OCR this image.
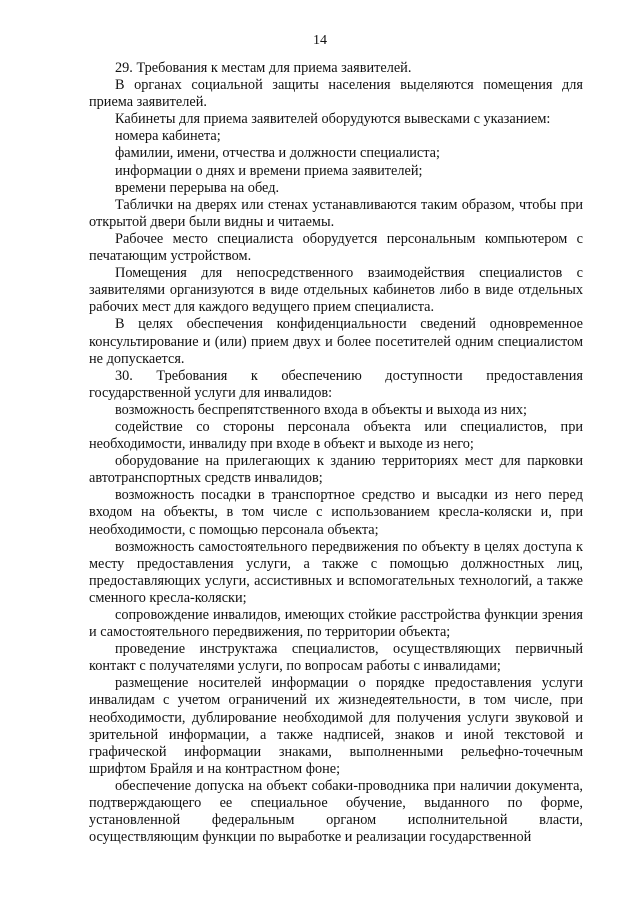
14

29. Требования к местам для приема заявителей.

В органах социальной защиты населения выделяются помещения для приема заявителей.

Кабинеты для приема заявителей оборудуются вывесками с указанием:

номера кабинета;

фамилии, имени, отчества и должности специалиста;

информации о днях и времени приема заявителей;

времени перерыва на обед.

Таблички на дверях или стенах устанавливаются таким образом, чтобы при открытой двери были видны и читаемы.

Рабочее место специалиста оборудуется персональным компьютером с печатающим устройством.

Помещения для непосредственного взаимодействия специалистов с заявителями организуются в виде отдельных кабинетов либо в виде отдельных рабочих мест для каждого ведущего прием специалиста.

В целях обеспечения конфиденциальности сведений одновременное консультирование и (или) прием двух и более посетителей одним специалистом не допускается.

30. Требования к обеспечению доступности предоставления государственной услуги для инвалидов:

возможность беспрепятственного входа в объекты и выхода из них;

содействие со стороны персонала объекта или специалистов, при необходимости, инвалиду при входе в объект и выходе из него;

оборудование на прилегающих к зданию территориях мест для парковки автотранспортных средств инвалидов;

возможность посадки в транспортное средство и высадки из него перед входом на объекты, в том числе с использованием кресла-коляски и, при необходимости, с помощью персонала объекта;

возможность самостоятельного передвижения по объекту в целях доступа к месту предоставления услуги, а также с помощью должностных лиц, предоставляющих услуги, ассистивных и вспомогательных технологий, а также сменного кресла-коляски;

сопровождение инвалидов, имеющих стойкие расстройства функции зрения и самостоятельного передвижения, по территории объекта;

проведение инструктажа специалистов, осуществляющих первичный контакт с получателями услуги, по вопросам работы с инвалидами;

размещение носителей информации о порядке предоставления услуги инвалидам с учетом ограничений их жизнедеятельности, в том числе, при необходимости, дублирование необходимой для получения услуги звуковой и зрительной информации, а также надписей, знаков и иной текстовой и графической информации знаками, выполненными рельефно-точечным шрифтом Брайля и на контрастном фоне;

обеспечение допуска на объект собаки-проводника при наличии документа, подтверждающего ее специальное обучение, выданного по форме, установленной федеральным органом исполнительной власти, осуществляющим функции по выработке и реализации государственной
